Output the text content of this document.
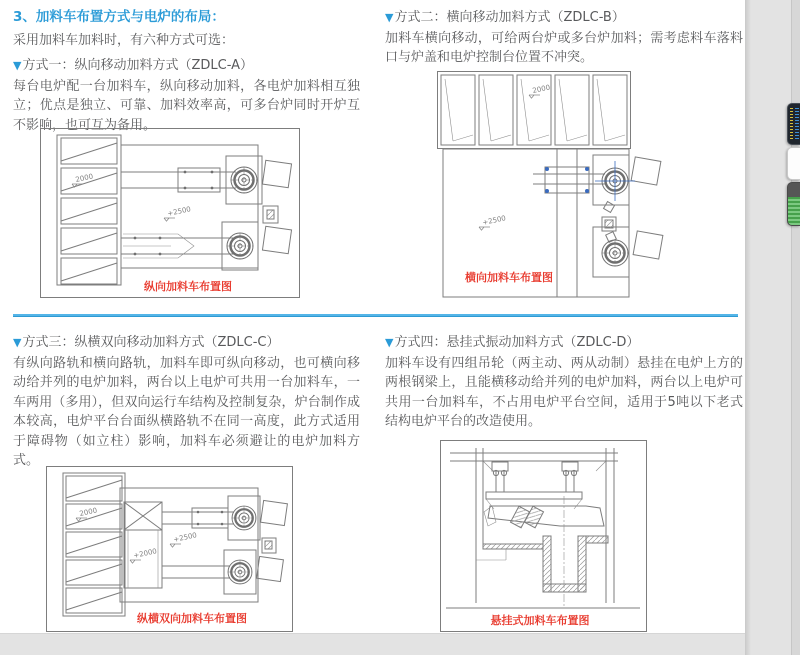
3、加料车布置方式与电炉的布局：
采用加料车加料时，有六种方式可选：
▼方式一：纵向移动加料方式（ZDLC-A）

每台电炉配一台加料车，纵向移动加料，各电炉加料相互独立；优点是独立、可靠、加料效率高，可多台炉同时开炉互不影响，也可互为备用。

▼方式二：横向移动加料方式（ZDLC-B）

加料车横向移动，可给两台炉或多台炉加料；需考虑料车落料口与炉盖和电炉控制台位置不冲突。

▼方式三：纵横双向移动加料方式（ZDLC-C）

有纵向路轨和横向路轨，加料车即可纵向移动，也可横向移动给并列的电炉加料，两台以上电炉可共用一台加料车，一车两用（多用），但双向运行车结构及控制复杂，炉台制作成本较高，电炉平台台面纵横路轨不在同一高度，此方式适用于障碍物（如立柱）影响，加料车必须避让的电炉加料方式。

▼方式四：悬挂式振动加料方式（ZDLC-D）

加料车设有四组吊轮（两主动、两从动制）悬挂在电炉上方的两根钢梁上，且能横移动给并列的电炉加料，两台以上电炉可共用一台加料车，不占用电炉平台空间，适用于5吨以下老式结构电炉平台的改造使用。

2000
+2500
纵向加料车布置图
2000
+2500
横向加料车布置图
2000
+2000
+2500
纵横双向加料车布置图	悬挂式加料车布置图
